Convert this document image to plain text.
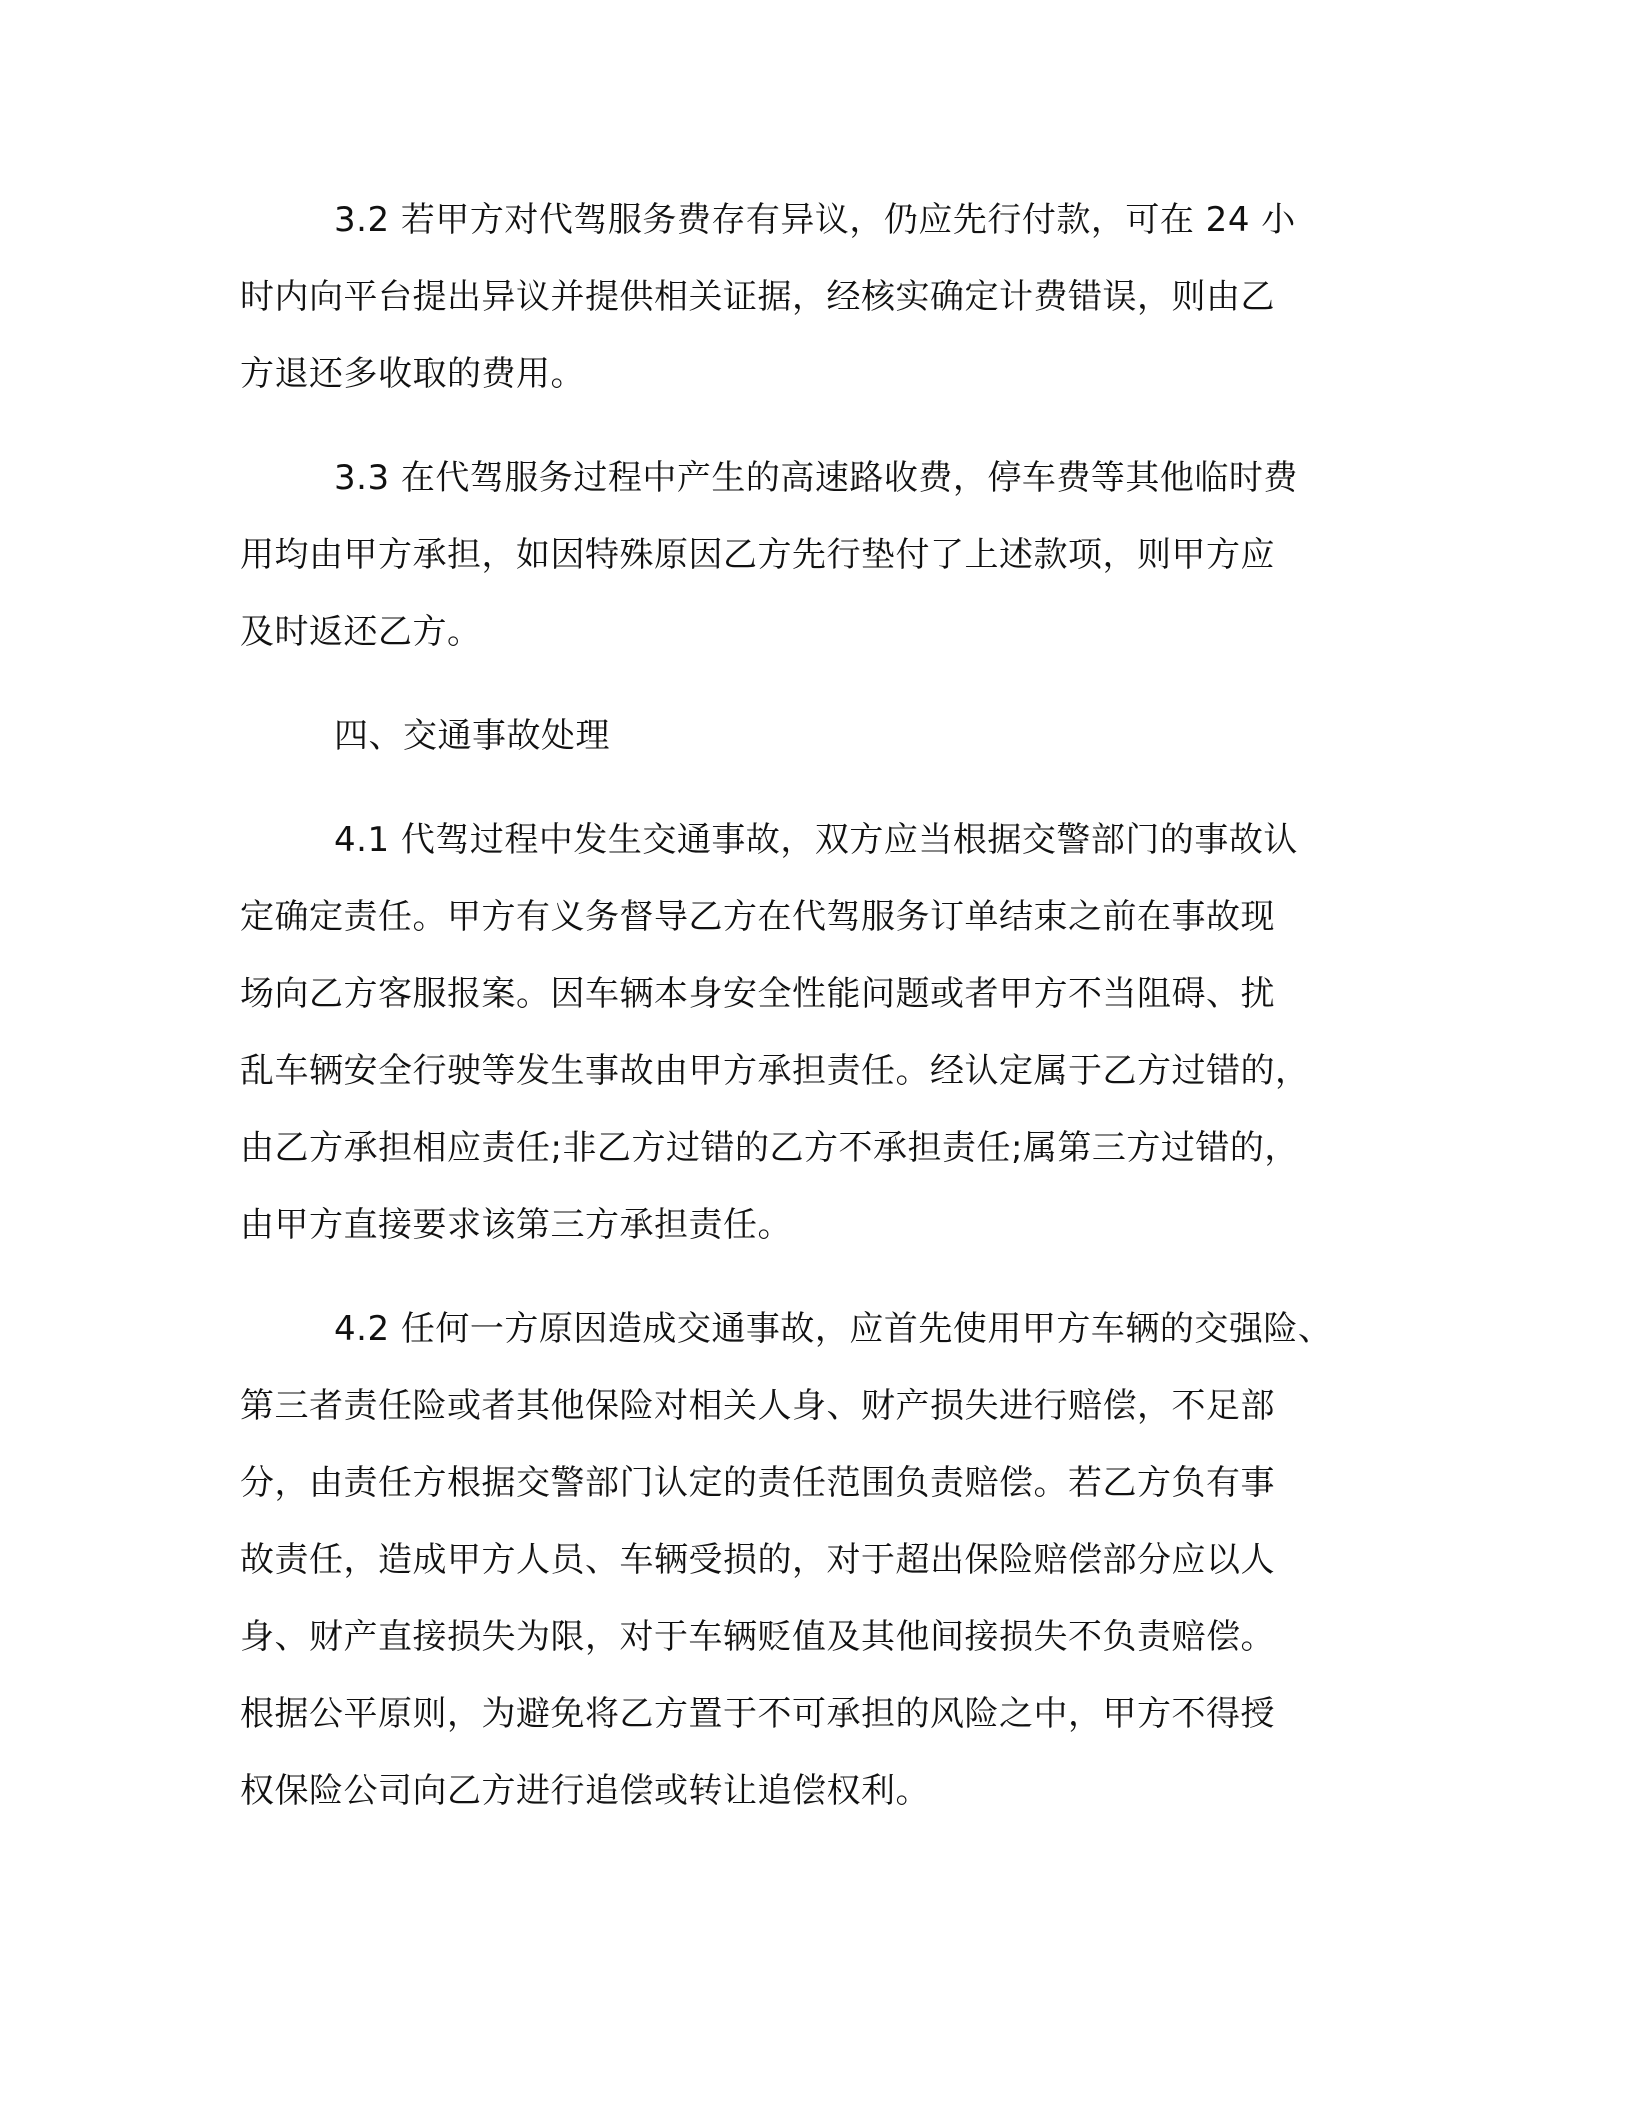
3.2 若甲方对代驾服务费存有异议，仍应先行付款，可在 24 小
时内向平台提出异议并提供相关证据，经核实确定计费错误，则由乙
方退还多收取的费用。
3.3 在代驾服务过程中产生的高速路收费，停车费等其他临时费
用均由甲方承担，如因特殊原因乙方先行垫付了上述款项，则甲方应
及时返还乙方。
四、交通事故处理
4.1 代驾过程中发生交通事故，双方应当根据交警部门的事故认
定确定责任。甲方有义务督导乙方在代驾服务订单结束之前在事故现
场向乙方客服报案。因车辆本身安全性能问题或者甲方不当阻碍、扰
乱车辆安全行驶等发生事故由甲方承担责任。经认定属于乙方过错的，
由乙方承担相应责任;非乙方过错的乙方不承担责任;属第三方过错的，
由甲方直接要求该第三方承担责任。
4.2 任何一方原因造成交通事故，应首先使用甲方车辆的交强险、
第三者责任险或者其他保险对相关人身、财产损失进行赔偿，不足部
分，由责任方根据交警部门认定的责任范围负责赔偿。若乙方负有事
故责任，造成甲方人员、车辆受损的，对于超出保险赔偿部分应以人
身、财产直接损失为限，对于车辆贬值及其他间接损失不负责赔偿。
根据公平原则，为避免将乙方置于不可承担的风险之中，甲方不得授
权保险公司向乙方进行追偿或转让追偿权利。
